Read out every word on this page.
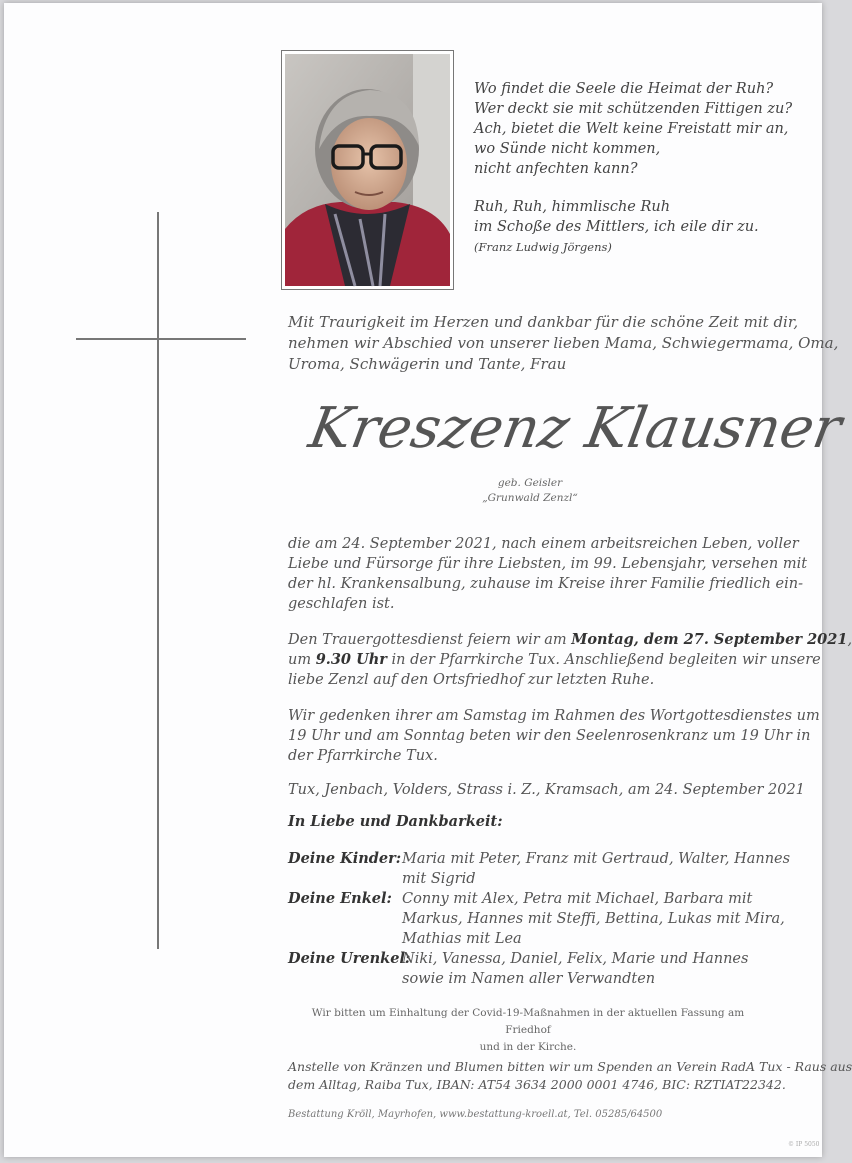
Wo findet die Seele die Heimat der Ruh?
Wer deckt sie mit schützenden Fittigen zu?
Ach, bietet die Welt keine Freistatt mir an,
wo Sünde nicht kommen,
nicht anfechten kann?
Ruh, Ruh, himmlische Ruh
im Schoße des Mittlers, ich eile dir zu.
(Franz Ludwig Jörgens)
Mit Traurigkeit im Herzen und dankbar für die schöne Zeit mit dir,
nehmen wir Abschied von unserer lieben Mama, Schwiegermama, Oma,
Uroma, Schwägerin und Tante, Frau
Kreszenz Klausner
geb. Geisler
„Grunwald Zenzl“
die am 24. September 2021, nach einem arbeitsreichen Leben, voller
Liebe und Fürsorge für ihre Liebsten, im 99. Lebensjahr, versehen mit
der hl. Krankensalbung, zuhause im Kreise ihrer Familie friedlich ein-
geschlafen ist.
Den Trauergottesdienst feiern wir am Montag, dem 27. September 2021,
um 9.30 Uhr in der Pfarrkirche Tux. Anschließend begleiten wir unsere
liebe Zenzl auf den Ortsfriedhof zur letzten Ruhe.
Wir gedenken ihrer am Samstag im Rahmen des Wortgottesdienstes um
19 Uhr und am Sonntag beten wir den Seelenrosenkranz um 19 Uhr in
der Pfarrkirche Tux.
Tux, Jenbach, Volders, Strass i. Z., Kramsach, am 24. September 2021
In Liebe und Dankbarkeit:
Deine Kinder: Maria mit Peter, Franz mit Gertraud, Walter, Hannes
mit Sigrid
Deine Enkel: Conny mit Alex, Petra mit Michael, Barbara mit
Markus, Hannes mit Steffi, Bettina, Lukas mit Mira,
Mathias mit Lea
Deine Urenkel:
Niki, Vanessa, Daniel, Felix, Marie und Hannes
sowie im Namen aller Verwandten
Wir bitten um Einhaltung der Covid-19-Maßnahmen in der aktuellen Fassung am Friedhof
und in der Kirche.
Anstelle von Kränzen und Blumen bitten wir um Spenden an Verein RadA Tux - Raus aus
dem Alltag, Raiba Tux, IBAN: AT54 3634 2000 0001 4746, BIC: RZTIAT22342.
Bestattung Kröll, Mayrhofen, www.bestattung-kroell.at, Tel. 05285/64500
© IP 5050
